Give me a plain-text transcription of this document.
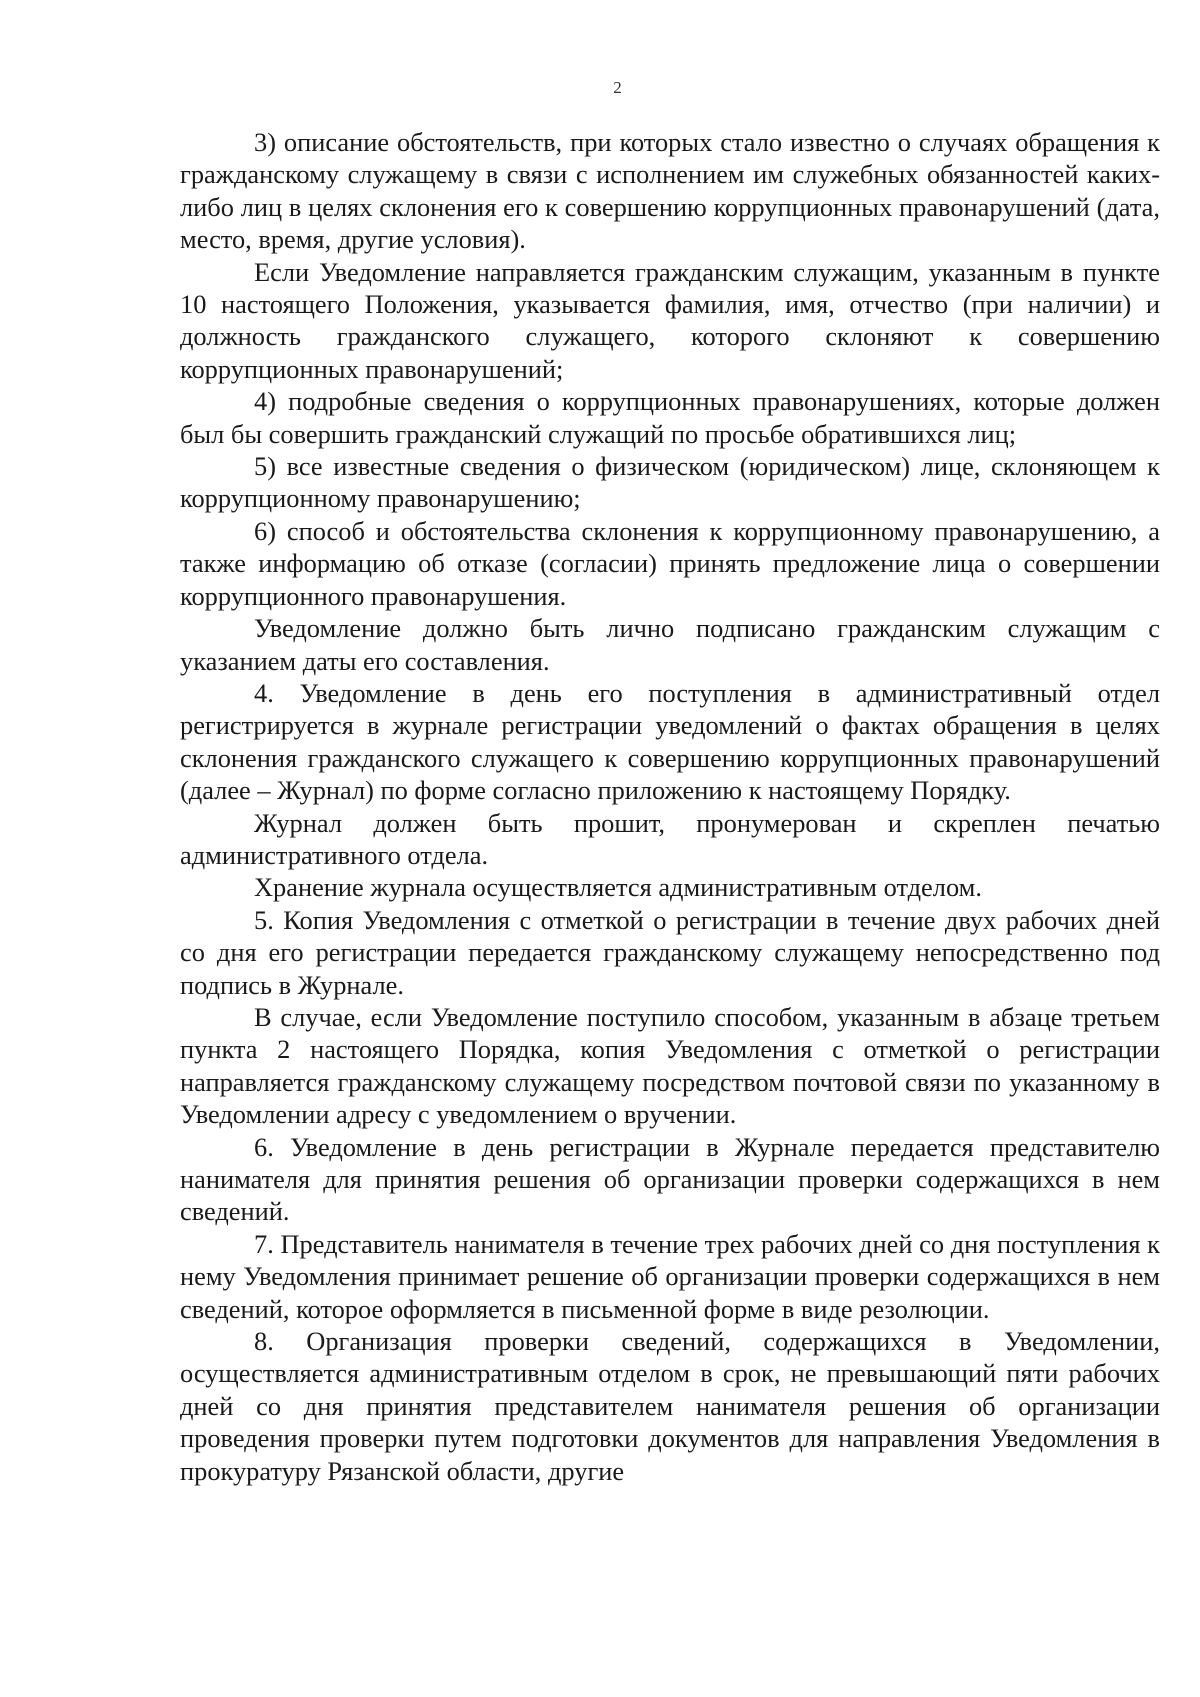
2

3) описание обстоятельств, при которых стало известно о случаях обращения к гражданскому служащему в связи с исполнением им служебных обязанностей каких-либо лиц в целях склонения его к совершению коррупционных правонарушений (дата, место, время, другие условия).

Если Уведомление направляется гражданским служащим, указанным в пункте 10 настоящего Положения, указывается фамилия, имя, отчество (при наличии) и должность гражданского служащего, которого склоняют к совершению коррупционных правонарушений;

4) подробные сведения о коррупционных правонарушениях, которые должен был бы совершить гражданский служащий по просьбе обратившихся лиц;

5) все известные сведения о физическом (юридическом) лице, склоняющем к коррупционному правонарушению;

6) способ и обстоятельства склонения к коррупционному правонарушению, а также информацию об отказе (согласии) принять предложение лица о совершении коррупционного правонарушения.

Уведомление должно быть лично подписано гражданским служащим с указанием даты его составления.

4. Уведомление в день его поступления в административный отдел регистрируется в журнале регистрации уведомлений о фактах обращения в целях склонения гражданского служащего к совершению коррупционных правонарушений (далее – Журнал) по форме согласно приложению к настоящему Порядку.

Журнал должен быть прошит, пронумерован и скреплен печатью административного отдела.

Хранение журнала осуществляется административным отделом.

5. Копия Уведомления с отметкой о регистрации в течение двух рабочих дней со дня его регистрации передается гражданскому служащему непосредственно под подпись в Журнале.

В случае, если Уведомление поступило способом, указанным в абзаце третьем пункта 2 настоящего Порядка, копия Уведомления с отметкой о регистрации направляется гражданскому служащему посредством почтовой связи по указанному в Уведомлении адресу с уведомлением о вручении.

6. Уведомление в день регистрации в Журнале передается представителю нанимателя для принятия решения об организации проверки содержащихся в нем сведений.

7. Представитель нанимателя в течение трех рабочих дней со дня поступления к нему Уведомления принимает решение об организации проверки содержащихся в нем сведений, которое оформляется в письменной форме в виде резолюции.

8. Организация проверки сведений, содержащихся в Уведомлении, осуществляется административным отделом в срок, не превышающий пяти рабочих дней со дня принятия представителем нанимателя решения об организации проведения проверки путем подготовки документов для направления Уведомления в прокуратуру Рязанской области, другие
